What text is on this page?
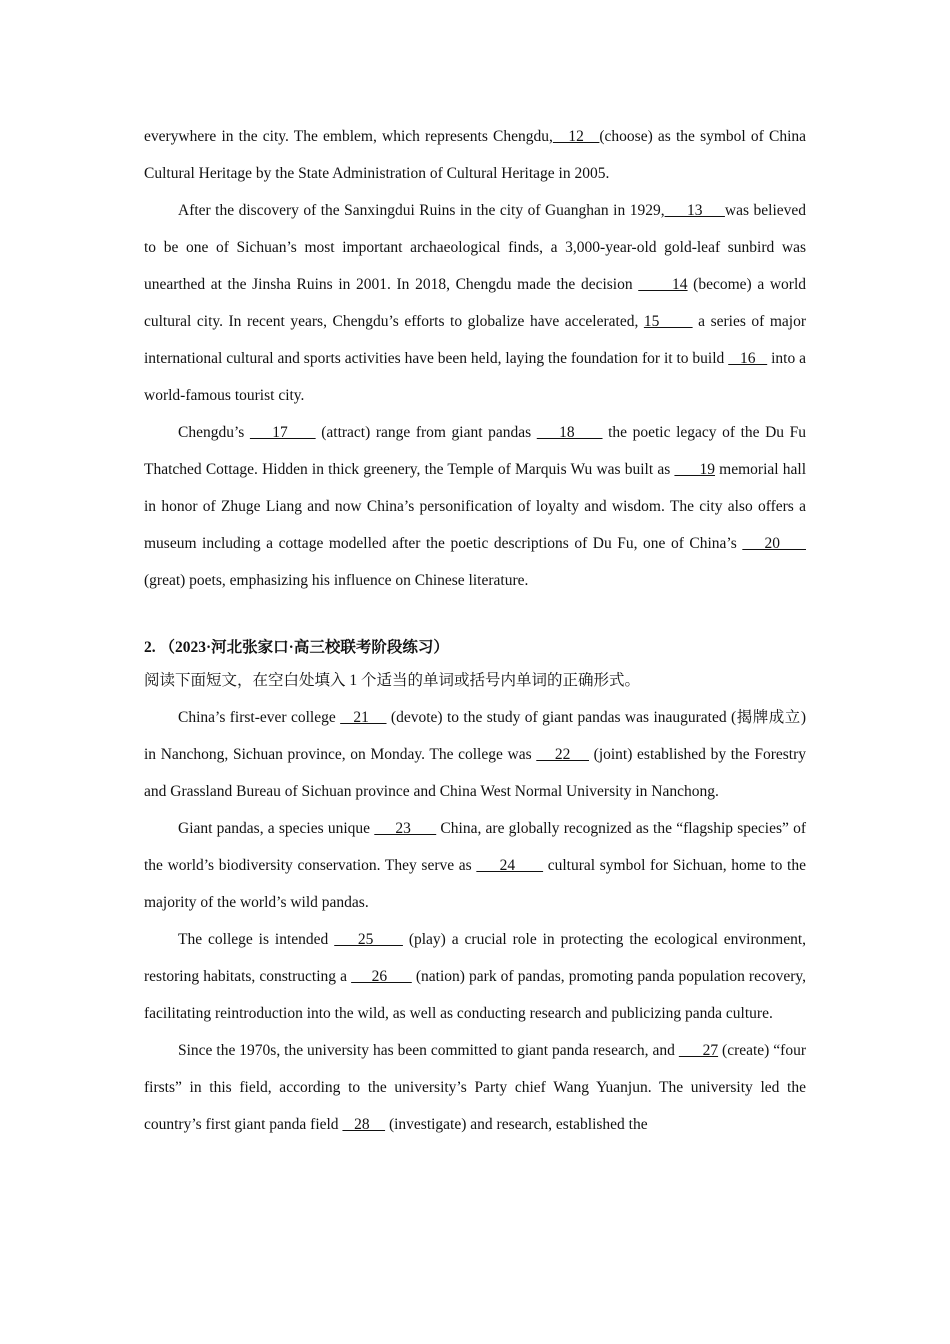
everywhere in the city. The emblem, which represents Chengdu,   12   (choose) as the symbol of China Cultural Heritage by the State Administration of Cultural Heritage in 2005.

After the discovery of the Sanxingdui Ruins in the city of Guanghan in 1929,     13     was believed to be one of Sichuan’s most important archaeological finds, a 3,000-year-old gold-leaf sunbird was unearthed at the Jinsha Ruins in 2001. In 2018, Chengdu made the decision       14 (become) a world cultural city. In recent years, Chengdu’s efforts to globalize have accelerated, 15       a series of major international cultural and sports activities have been held, laying the foundation for it to build    16    into a world-famous tourist city.

Chengdu’s     17      (attract) range from giant pandas     18      the poetic legacy of the Du Fu Thatched Cottage. Hidden in thick greenery, the Temple of Marquis Wu was built as       19 memorial hall in honor of Zhuge Liang and now China’s personification of loyalty and wisdom. The city also offers a museum including a cottage modelled after the poetic descriptions of Du Fu, one of China’s     20      (great) poets, emphasizing his influence on Chinese literature.

2. （2023·河北张家口·高三校联考阶段练习）

阅读下面短文，在空白处填入 1 个适当的单词或括号内单词的正确形式。

China’s first-ever college    21     (devote) to the study of giant pandas was inaugurated (揭牌成立) in Nanchong, Sichuan province, on Monday. The college was     22     (joint) established by the Forestry and Grassland Bureau of Sichuan province and China West Normal University in Nanchong.

Giant pandas, a species unique      23       China, are globally recognized as the “flagship species” of the world’s biodiversity conservation. They serve as      24       cultural symbol for Sichuan, home to the majority of the world’s wild pandas.

The college is intended     25      (play) a crucial role in protecting the ecological environment, restoring habitats, constructing a      26       (nation) park of pandas, promoting panda population recovery, facilitating reintroduction into the wild, as well as conducting research and publicizing panda culture.

Since the 1970s, the university has been committed to giant panda research, and       27 (create) “four firsts” in this field, according to the university’s Party chief Wang Yuanjun. The university led the country’s first giant panda field    28     (investigate) and research, established the
